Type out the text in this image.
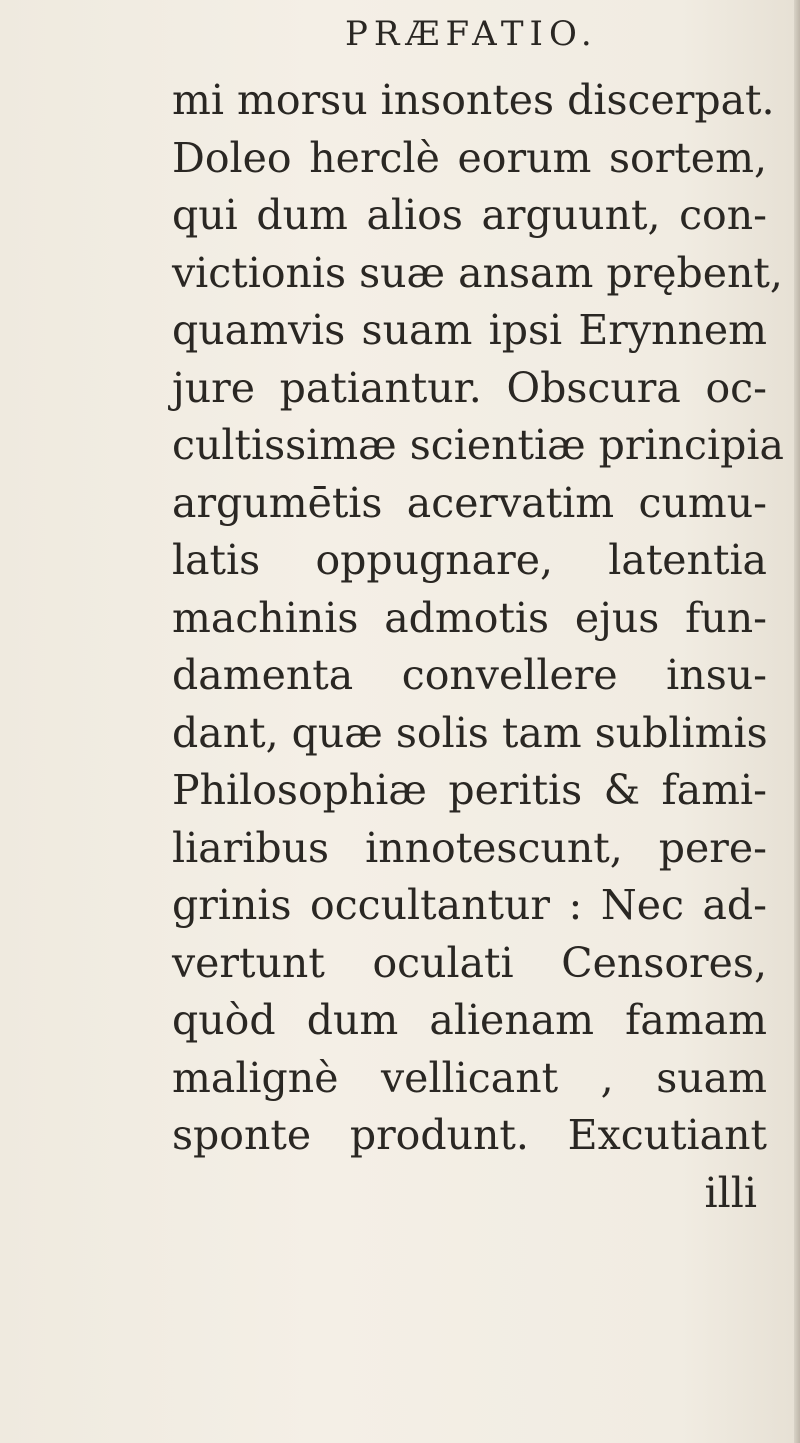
PRÆFATIO.
mi morsu insontes discerpat.
Doleo herclè eorum sortem,
qui dum alios arguunt, con-
victionis suæ ansam prębent,
quamvis suam ipsi Erynnem
jure patiantur. Obscura oc-
cultissimæ scientiæ principia
argumētis acervatim cumu-
latis oppugnare, latentia
machinis admotis ejus fun-
damenta convellere insu-
dant, quæ solis tam sublimis
Philosophiæ peritis & fami-
liaribus innotescunt, pere-
grinis occultantur : Nec ad-
vertunt oculati Censores,
quòd dum alienam famam
malignè vellicant , suam
sponte produnt. Excutiant
illi
